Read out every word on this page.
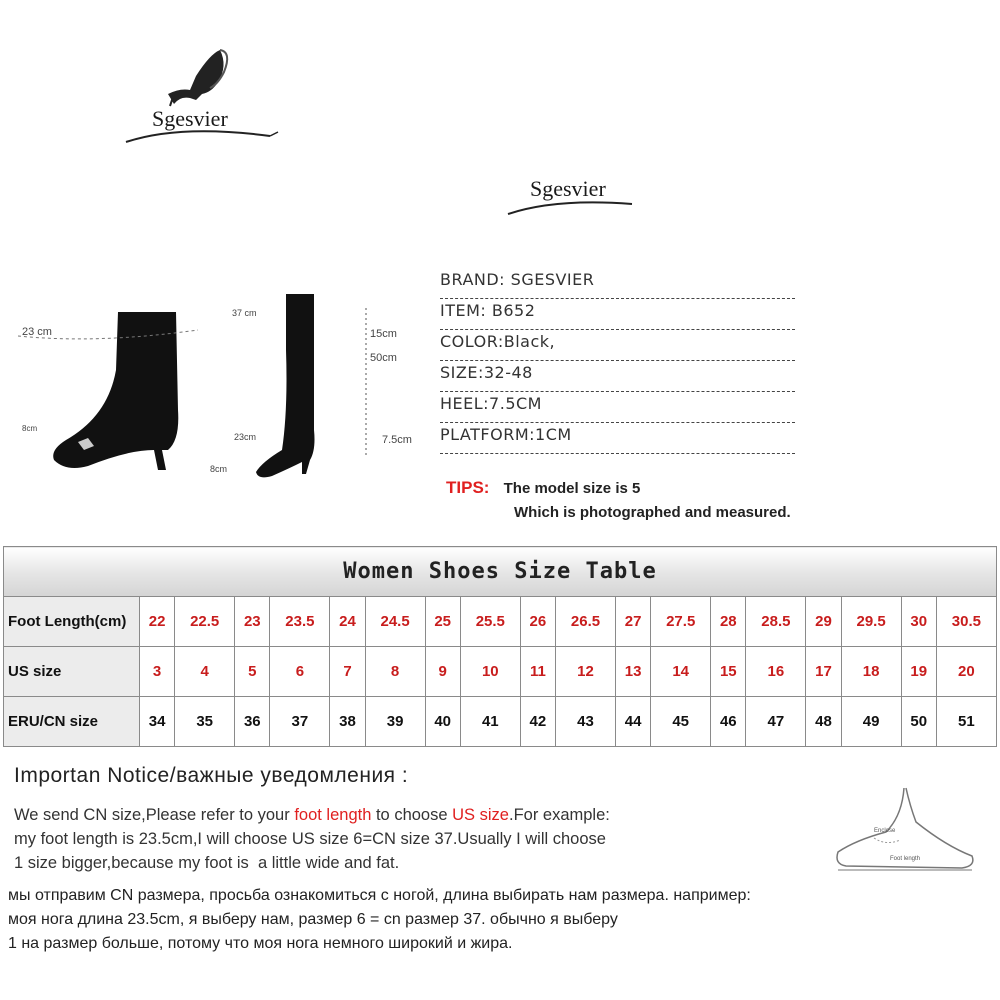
Sgesvier
Sgesvier
23 cm
8cm
37 cm
15cm
50cm
7.5cm
23cm
8cm
BRAND: SGESVIER
ITEM: B652
COLOR:Black,
SIZE:32-48
HEEL:7.5CM
PLATFORM:1CM
TIPS: The model size is 5
Which is photographed and measured.
Women Shoes Size Table																		
Foot Length(cm)	22	22.5	23	23.5	24	24.5	25	25.5	26	26.5	27	27.5	28	28.5	29	29.5	30	30.5
US size	3	4	5	6	7	8	9	10	11	12	13	14	15	16	17	18	19	20
ERU/CN size	34	35	36	37	38	39	40	41	42	43	44	45	46	47	48	49	50	51
Importan Notice/важные уведомления :
We send CN size,Please refer to your foot length to choose US size.For example:
my foot length is 23.5cm,I will choose US size 6=CN size 37.Usually I will choose
1 size bigger,because my foot is  a little wide and fat.
мы отправим CN размера, просьба ознакомиться с ногой, длина выбирать нам размера. например:
моя нога длина 23.5cm, я выберу нам, размер 6 = cn размер 37. обычно я выберу
1 на размер больше, потому что моя нога немного широкий и жира.
Enclose
Foot length
